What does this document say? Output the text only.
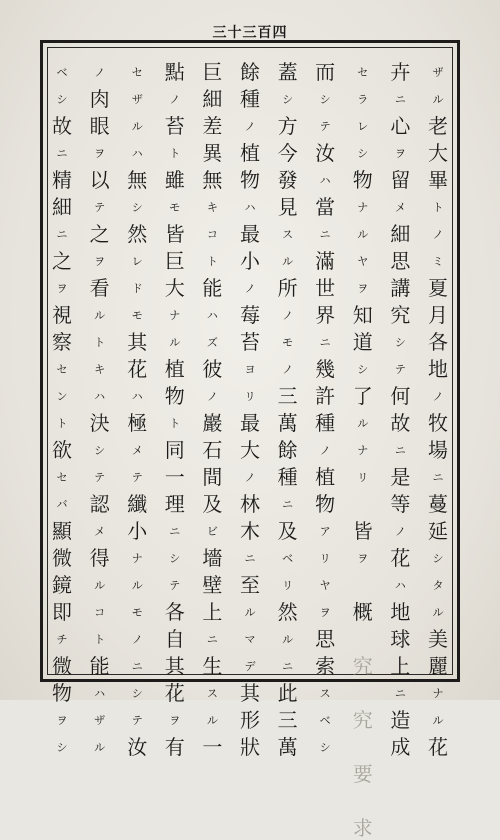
三十三百四
ザ
ル
老
大
畢
ト
ノ
ミ
夏
月
各
地
ノ
牧
場
ニ
蔓
延
シ
タ
ル
美
麗
ナ
ル
花
卉
ニ
心
ヲ
留
メ
細
思
講
究
シ
テ
何
故
ニ
是
等
ノ
花
ハ
地
球
上
ニ
造
成
セ
ラ
レ
シ
物
ナ
ル
ヤ
ヲ
知
道
シ
了
ル
ナ
リ

皆
ヲ

概

究

究

要

求
而
シ
テ
汝
ハ
當
ニ
滿
世
界
ニ
幾
許
種
ノ
植
物
ア
リ
ヤ
ヲ
思
索
ス
ベ
シ
蓋
シ
方
今
發
見
ス
ル
所
ノ
モ
ノ
三
萬
餘
種
ニ
及
ベ
リ
然
ル
ニ
此
三
萬
餘
種
ノ
植
物
ハ
最
小
ノ
莓
苔
ヨ
リ
最
大
ノ
林
木
ニ
至
ル
マ
デ
其
形
狀
巨
細
差
異
無
キ
コ
ト
能
ハ
ズ
彼
ノ
巖
石
間
及
ビ
墻
壁
上
ニ
生
ス
ル
一
點
ノ
苔
ト
雖
モ
皆
巨
大
ナ
ル
植
物
ト
同
一
理
ニ
シ
テ
各
自
其
花
ヲ
有
セ
ザ
ル
ハ
無
シ
然
レ
ド
モ
其
花
ハ
極
メ
テ
纖
小
ナ
ル
モ
ノ
ニ
シ
テ
汝
ノ
肉
眼
ヲ
以
テ
之
ヲ
看
ル
ト
キ
ハ
決
シ
テ
認
メ
得
ル
コ
ト
能
ハ
ザ
ル
ベ
シ
故
ニ
精
細
ニ
之
ヲ
視
察
セ
ン
ト
欲
セ
バ
顯
微
鏡
即
チ
微
物
ヲ
シ
